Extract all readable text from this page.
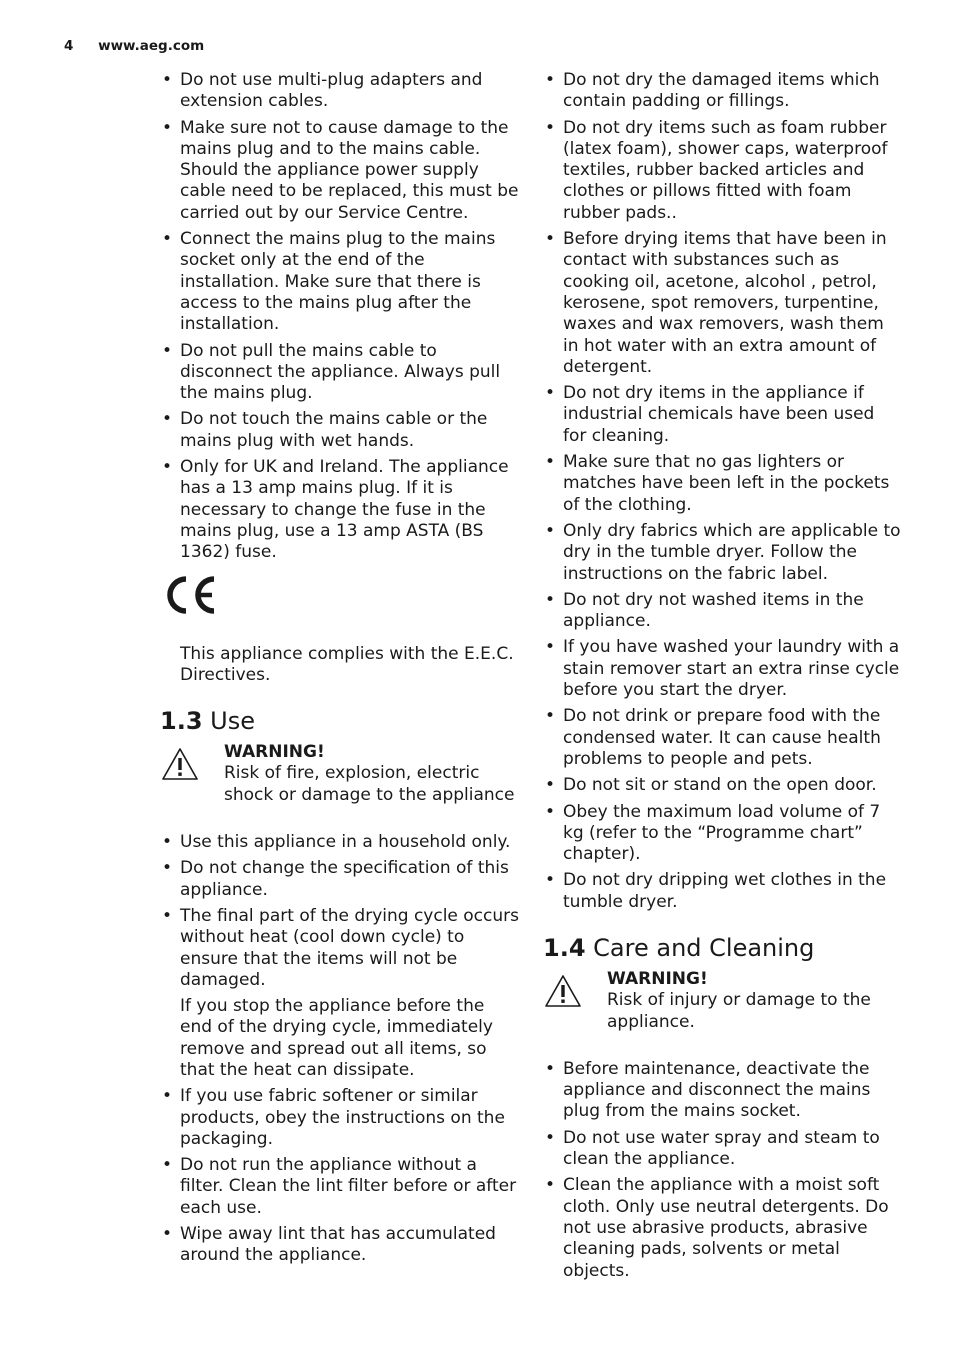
4 www.aeg.com
• Do not use multi-plug adapters and extension cables.
• Make sure not to cause damage to the mains plug and to the mains cable. Should the appliance power supply cable need to be replaced, this must be carried out by our Service Centre.
• Connect the mains plug to the mains socket only at the end of the installation. Make sure that there is access to the mains plug after the installation.
• Do not pull the mains cable to disconnect the appliance. Always pull the mains plug.
• Do not touch the mains cable or the mains plug with wet hands.
• Only for UK and Ireland. The appliance has a 13 amp mains plug. If it is necessary to change the fuse in the mains plug, use a 13 amp ASTA (BS 1362) fuse.
This appliance complies with the E.E.C. Directives.
1.3 Use
WARNING!
Risk of fire, explosion, electric shock or damage to the appliance
• Use this appliance in a household only.
• Do not change the specification of this appliance.
• The final part of the drying cycle occurs without heat (cool down cycle) to ensure that the items will not be damaged.
If you stop the appliance before the end of the drying cycle, immediately remove and spread out all items, so that the heat can dissipate.
• If you use fabric softener or similar products, obey the instructions on the packaging.
• Do not run the appliance without a filter. Clean the lint filter before or after each use.
• Wipe away lint that has accumulated around the appliance.
• Do not dry the damaged items which contain padding or fillings.
• Do not dry items such as foam rubber (latex foam), shower caps, waterproof textiles, rubber backed articles and clothes or pillows fitted with foam rubber pads..
• Before drying items that have been in contact with substances such as cooking oil, acetone, alcohol , petrol, kerosene, spot removers, turpentine, waxes and wax removers, wash them in hot water with an extra amount of detergent.
• Do not dry items in the appliance if industrial chemicals have been used for cleaning.
• Make sure that no gas lighters or matches have been left in the pockets of the clothing.
• Only dry fabrics which are applicable to dry in the tumble dryer. Follow the instructions on the fabric label.
• Do not dry not washed items in the appliance.
• If you have washed your laundry with a stain remover start an extra rinse cycle before you start the dryer.
• Do not drink or prepare food with the condensed water. It can cause health problems to people and pets.
• Do not sit or stand on the open door.
• Obey the maximum load volume of 7 kg (refer to the “Programme chart” chapter).
• Do not dry dripping wet clothes in the tumble dryer.
1.4 Care and Cleaning
WARNING!
Risk of injury or damage to the appliance.
• Before maintenance, deactivate the appliance and disconnect the mains plug from the mains socket.
• Do not use water spray and steam to clean the appliance.
• Clean the appliance with a moist soft cloth. Only use neutral detergents. Do not use abrasive products, abrasive cleaning pads, solvents or metal objects.
